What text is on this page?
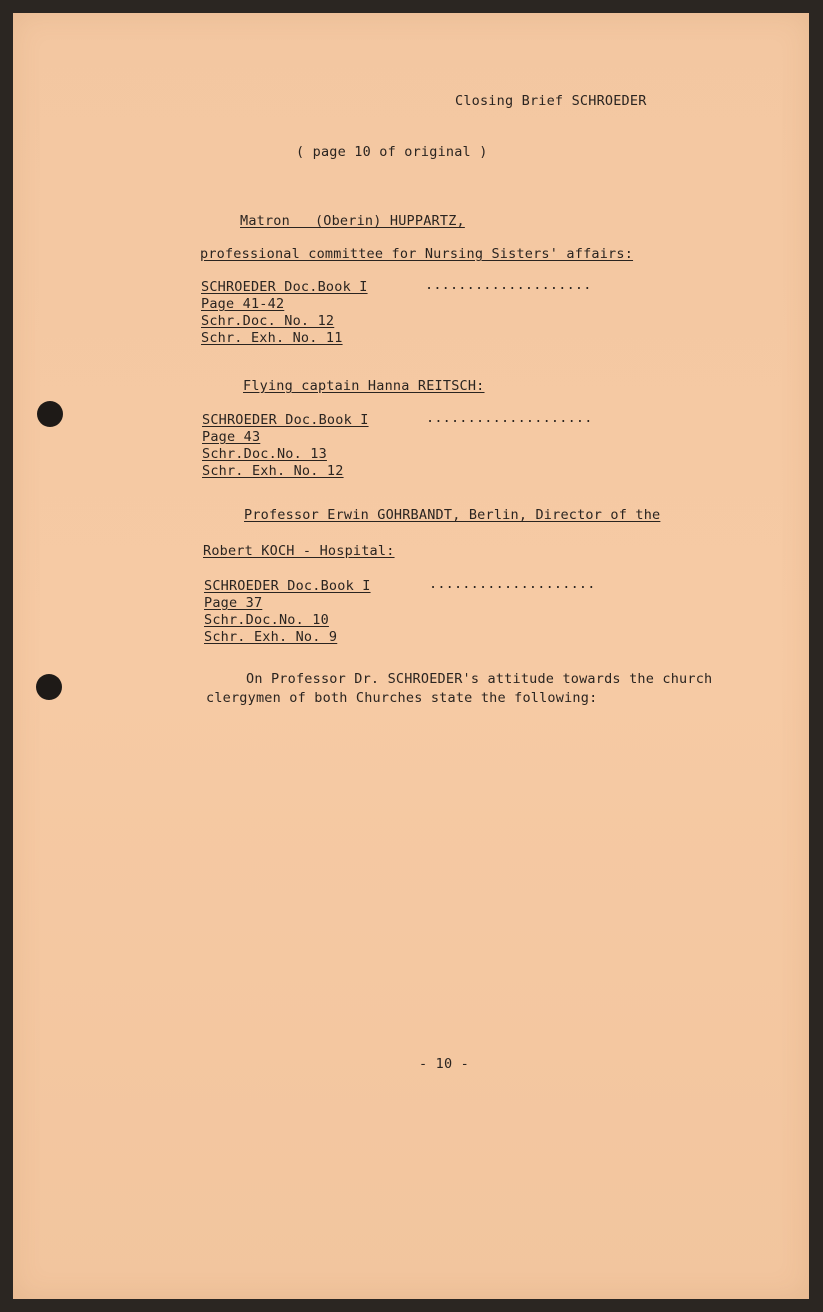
Closing Brief SCHROEDER
( page 10 of original )
Matron   (Oberin) HUPPARTZ,
professional committee for Nursing Sisters' affairs:
SCHROEDER Doc.Book I	....................
Page 41-42
Schr.Doc. No. 12
Schr. Exh. No. 11
Flying captain Hanna REITSCH:
SCHROEDER Doc.Book I	....................
Page 43
Schr.Doc.No. 13
Schr. Exh. No. 12
Professor Erwin GOHRBANDT, Berlin, Director of the
Robert KOCH - Hospital:
SCHROEDER Doc.Book I	....................
Page 37
Schr.Doc.No. 10
Schr. Exh. No. 9
On Professor Dr. SCHROEDER's attitude towards the church
clergymen of both Churches state the following:
- 10 -
